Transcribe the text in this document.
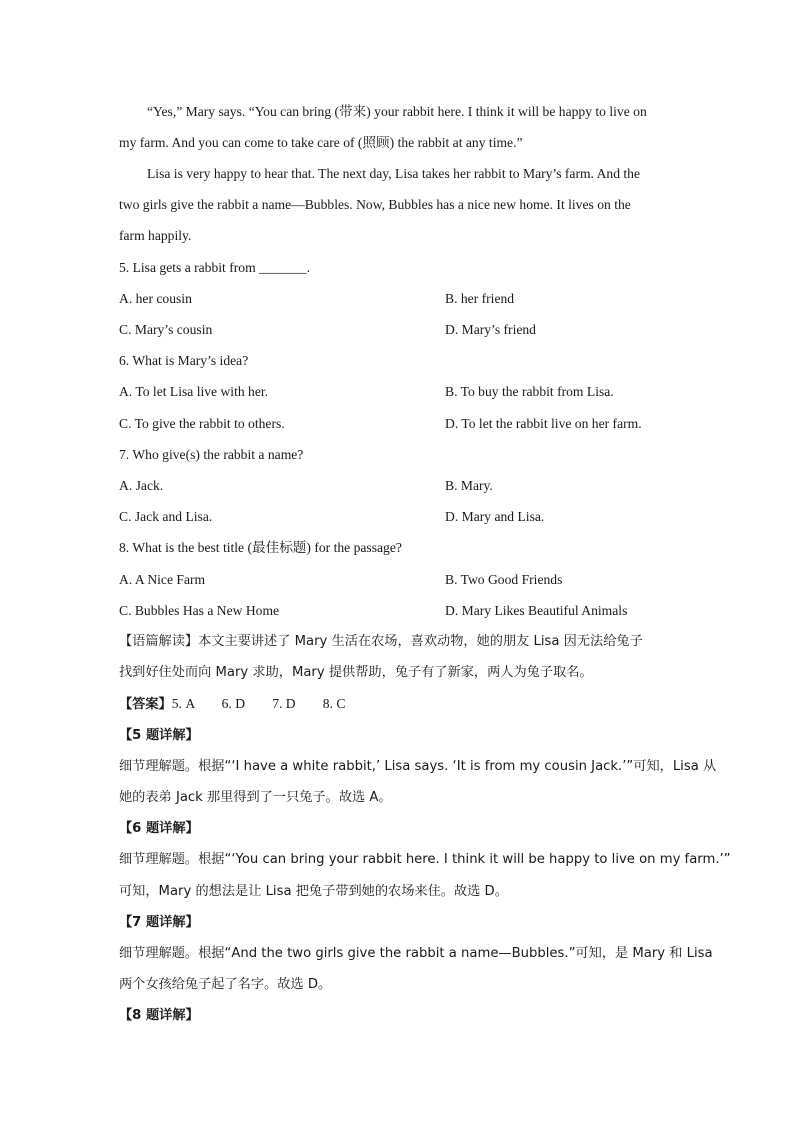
“Yes,” Mary says. “You can bring (带来) your rabbit here. I think it will be happy to live on
my farm. And you can come to take care of (照顾) the rabbit at any time.”
Lisa is very happy to hear that. The next day, Lisa takes her rabbit to Mary’s farm. And the
two girls give the rabbit a name—Bubbles. Now, Bubbles has a nice new home. It lives on the
farm happily.
5. Lisa gets a rabbit from _______.
A. her cousin	B. her friend
C. Mary’s cousin	D. Mary’s friend
6. What is Mary’s idea?
A. To let Lisa live with her.	B. To buy the rabbit from Lisa.
C. To give the rabbit to others.	D. To let the rabbit live on her farm.
7. Who give(s) the rabbit a name?
A. Jack.	B. Mary.
C. Jack and Lisa.	D. Mary and Lisa.
8. What is the best title (最佳标题) for the passage?
A. A Nice Farm	B. Two Good Friends
C. Bubbles Has a New Home	D. Mary Likes Beautiful Animals
【语篇解读】本文主要讲述了 Mary 生活在农场，喜欢动物，她的朋友 Lisa 因无法给兔子
找到好住处而向 Mary 求助，Mary 提供帮助，兔子有了新家，两人为兔子取名。
【答案】5. A        6. D        7. D        8. C
【5 题详解】
细节理解题。根据“‘I have a white rabbit,’ Lisa says. ‘It is from my cousin Jack.’”可知，Lisa 从
她的表弟 Jack 那里得到了一只兔子。故选 A。
【6 题详解】
细节理解题。根据“‘You can bring your rabbit here. I think it will be happy to live on my farm.’”
可知，Mary 的想法是让 Lisa 把兔子带到她的农场来住。故选 D。
【7 题详解】
细节理解题。根据“And the two girls give the rabbit a name—Bubbles.”可知，是 Mary 和 Lisa
两个女孩给兔子起了名字。故选 D。
【8 题详解】
